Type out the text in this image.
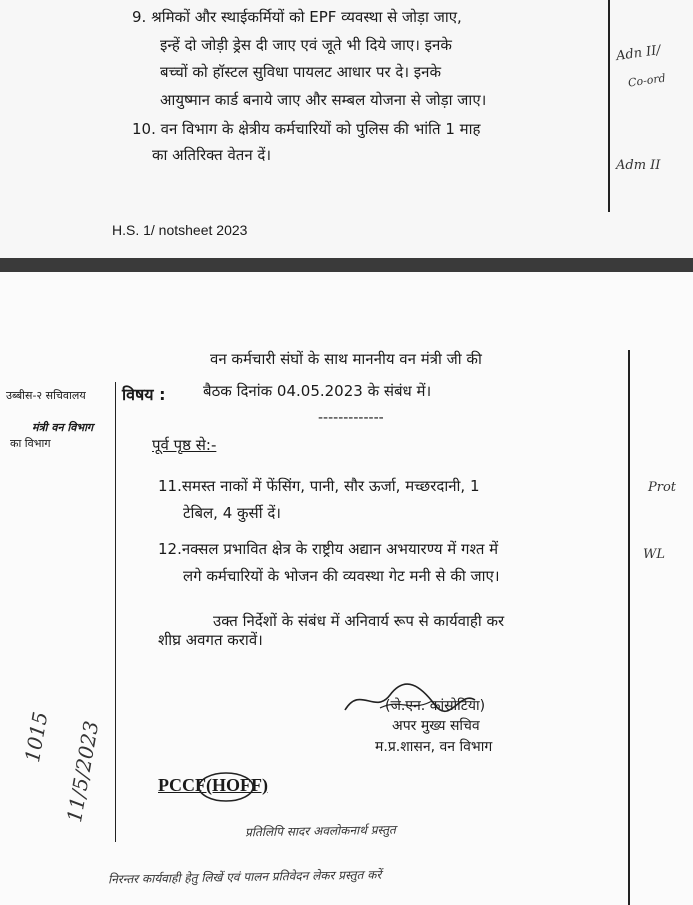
9. श्रमिकों और स्थाईकर्मियों को EPF व्यवस्था से जोड़ा जाए,
इन्हें दो जोड़ी ड्रेस दी जाए एवं जूते भी दिये जाए। इनके
बच्चों को हॉस्टल सुविधा पायलट आधार पर दे। इनके
आयुष्मान कार्ड बनाये जाए और सम्बल योजना से जोड़ा जाए।
10. वन विभाग के क्षेत्रीय कर्मचारियों को पुलिस की भांति 1 माह
का अतिरिक्त वेतन दें।
H.S. 1/ notsheet 2023
Adn II/
Co-ord
Adm II
उब्बीस-२ सचिवालय
मंत्री वन विभाग
का विभाग
विषय :
वन कर्मचारी संघों के साथ माननीय वन मंत्री जी की
बैठक दिनांक 04.05.2023 के संबंध में।
-------------
पूर्व पृष्ठ से:-
11.समस्त नाकों में फेंसिंग, पानी, सौर ऊर्जा, मच्छरदानी, 1
टेबिल, 4 कुर्सी दें।
12.नक्सल प्रभावित क्षेत्र के राष्ट्रीय अद्यान अभयारण्य में गश्त में
लगे कर्मचारियों के भोजन की व्यवस्था गेट मनी से की जाए।
उक्त निर्देशों के संबंध में अनिवार्य रूप से कार्यवाही कर
शीघ्र अवगत करावें।
(जे.एन. कांसोटिया)
अपर मुख्य सचिव
म.प्र.शासन, वन विभाग
PCCF(HOFF)
1015 11/5/2023
Prot
WL
प्रतिलिपि सादर अवलोकनार्थ प्रस्तुत
निरन्तर कार्यवाही हेतु लिखें एवं पालन प्रतिवेदन लेकर प्रस्तुत करें
